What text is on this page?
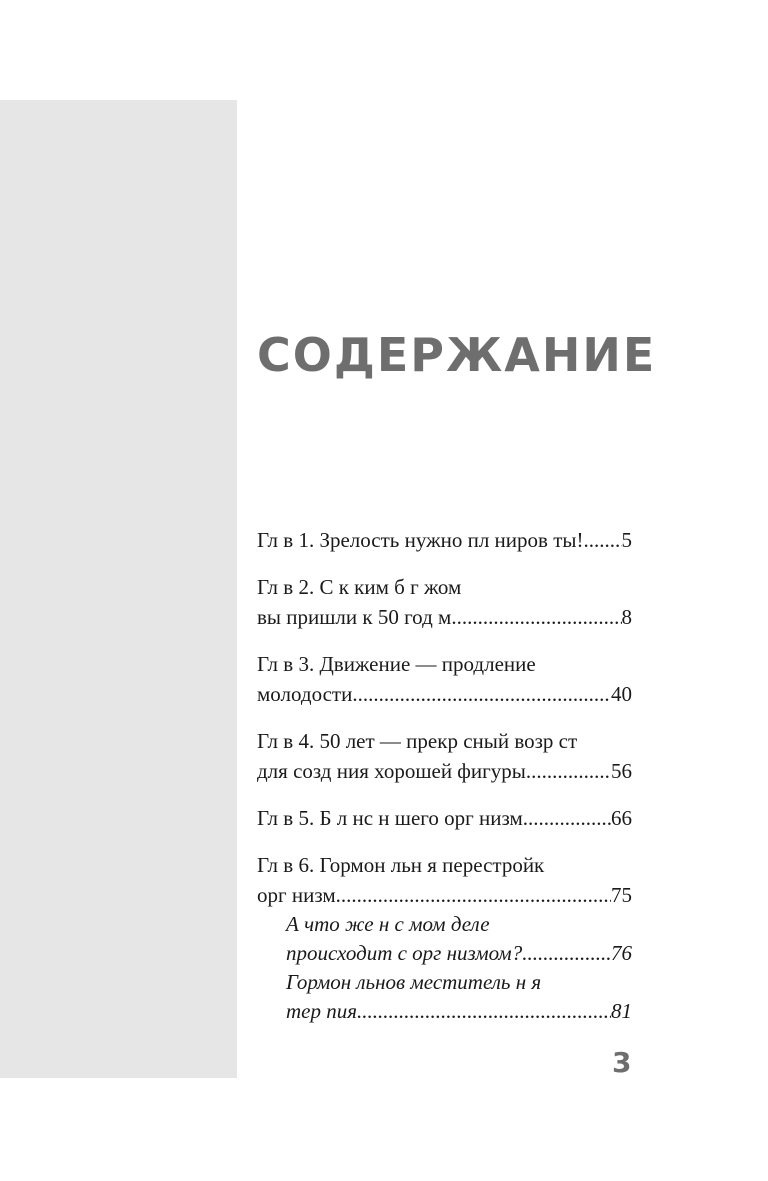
СОДЕРЖАНИЕ
Гл в 1. Зрелость нужно пл ниров ты! ..... 5
Гл в 2. С к ким б г жом
вы пришли к 50 год м .....	8
Гл в 3. Движение — продление
молодости .....	40
Гл в 4. 50 лет — прекр сный возр ст
для созд ния хорошей фигуры .....	56
Гл в 5. Б л нс н шего орг низм .....	66
Гл в 6. Гормон льн я перестройк
орг низм .....	75
А что же н с мом деле
происходит с орг низмом? .....	76
Гормон льнов меститель н я
тер пия .....	81
3
